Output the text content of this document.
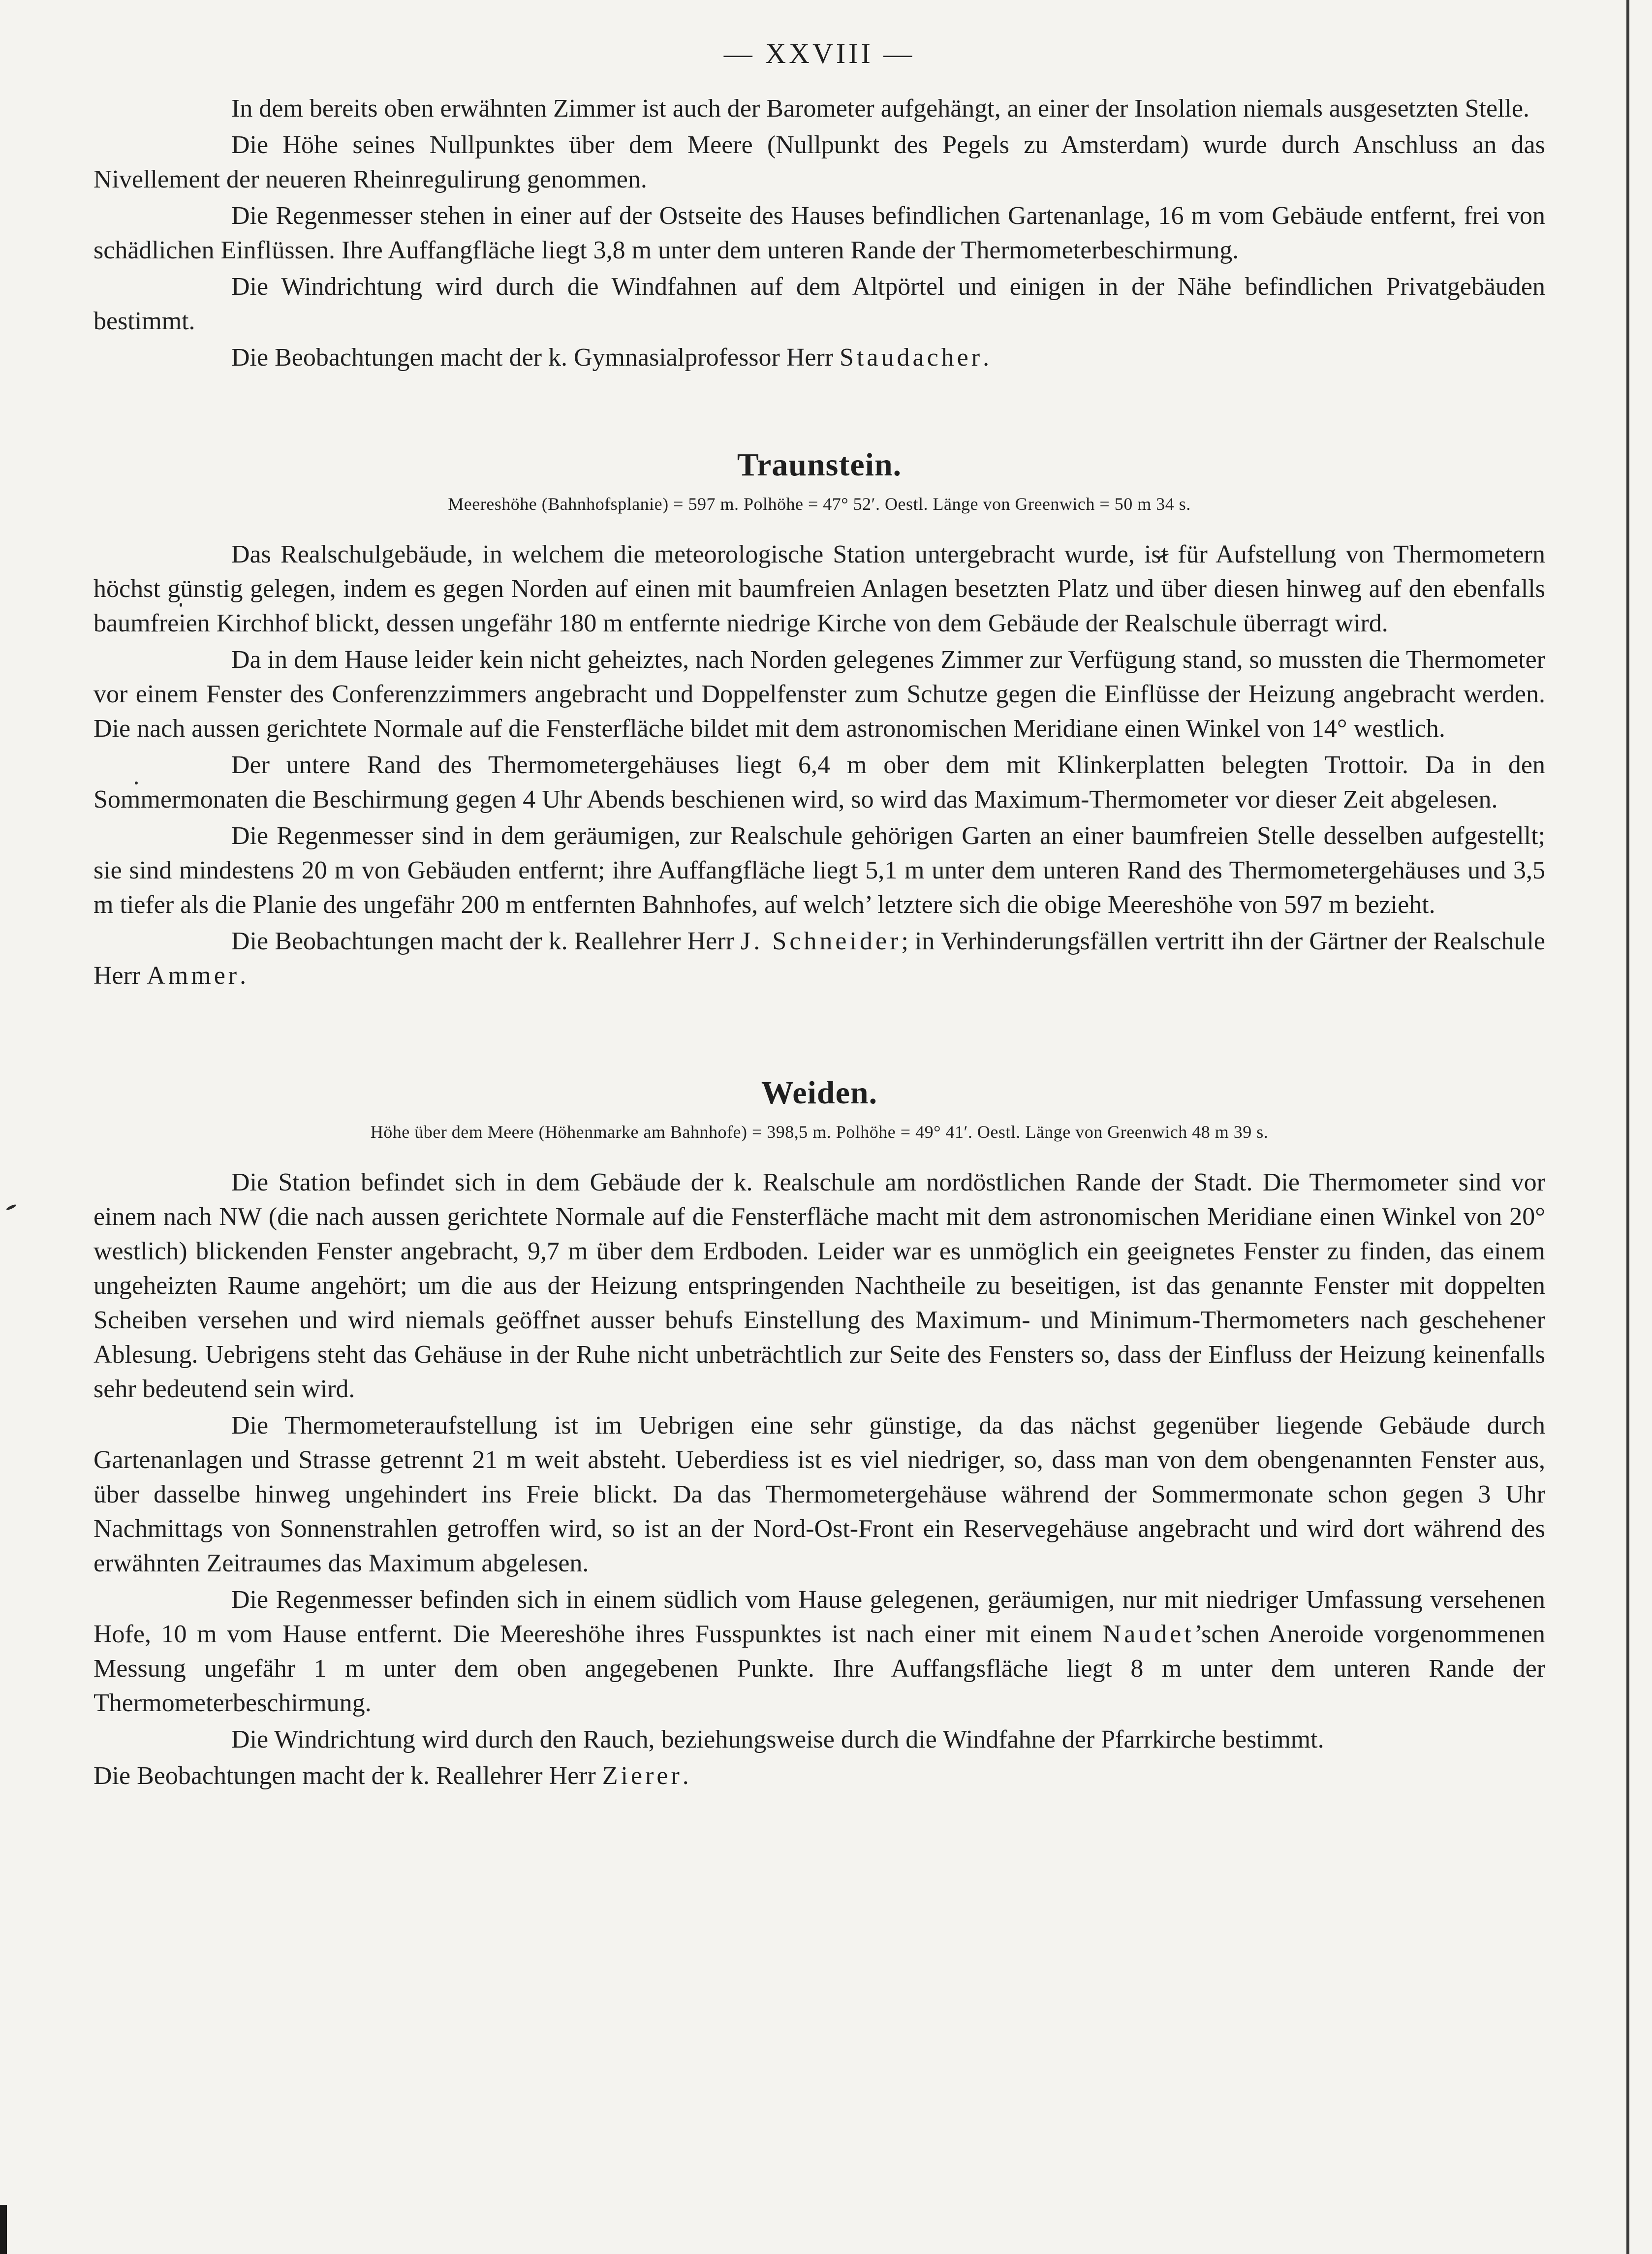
— XXVIII —

In dem bereits oben erwähnten Zimmer ist auch der Barometer aufgehängt, an einer der Insolation niemals ausgesetzten Stelle.

Die Höhe seines Nullpunktes über dem Meere (Nullpunkt des Pegels zu Amsterdam) wurde durch Anschluss an das Nivellement der neueren Rheinregulirung genommen.

Die Regenmesser stehen in einer auf der Ostseite des Hauses befindlichen Gartenanlage, 16 m vom Gebäude entfernt, frei von schädlichen Einflüssen. Ihre Auffangfläche liegt 3,8 m unter dem unteren Rande der Thermometerbeschirmung.

Die Windrichtung wird durch die Windfahnen auf dem Altpörtel und einigen in der Nähe befindlichen Privatgebäuden bestimmt.

Die Beobachtungen macht der k. Gymnasialprofessor Herr Staudacher.

Traunstein.
Meereshöhe (Bahnhofsplanie) = 597 m. Polhöhe = 47° 52′. Oestl. Länge von Greenwich = 50 m 34 s.

Das Realschulgebäude, in welchem die meteorologische Station untergebracht wurde, ist für Aufstellung von Thermometern höchst günstig gelegen, indem es gegen Norden auf einen mit baumfreien Anlagen besetzten Platz und über diesen hinweg auf den ebenfalls baumfreien Kirchhof blickt, dessen ungefähr 180 m entfernte niedrige Kirche von dem Gebäude der Realschule überragt wird.

Da in dem Hause leider kein nicht geheiztes, nach Norden gelegenes Zimmer zur Verfügung stand, so mussten die Thermometer vor einem Fenster des Conferenzzimmers angebracht und Doppelfenster zum Schutze gegen die Einflüsse der Heizung angebracht werden. Die nach aussen gerichtete Normale auf die Fensterfläche bildet mit dem astronomischen Meridiane einen Winkel von 14° westlich.

Der untere Rand des Thermometergehäuses liegt 6,4 m ober dem mit Klinkerplatten belegten Trottoir. Da in den Sommermonaten die Beschirmung gegen 4 Uhr Abends beschienen wird, so wird das Maximum-Thermometer vor dieser Zeit abgelesen.

Die Regenmesser sind in dem geräumigen, zur Realschule gehörigen Garten an einer baumfreien Stelle desselben aufgestellt; sie sind mindestens 20 m von Gebäuden entfernt; ihre Auffangfläche liegt 5,1 m unter dem unteren Rand des Thermometergehäuses und 3,5 m tiefer als die Planie des ungefähr 200 m entfernten Bahnhofes, auf welch’ letztere sich die obige Meereshöhe von 597 m bezieht.

Die Beobachtungen macht der k. Reallehrer Herr J. Schneider; in Verhinderungsfällen vertritt ihn der Gärtner der Realschule Herr Ammer.

Weiden.
Höhe über dem Meere (Höhenmarke am Bahnhofe) = 398,5 m. Polhöhe = 49° 41′. Oestl. Länge von Greenwich 48 m 39 s.

Die Station befindet sich in dem Gebäude der k. Realschule am nordöstlichen Rande der Stadt. Die Thermometer sind vor einem nach NW (die nach aussen gerichtete Normale auf die Fensterfläche macht mit dem astronomischen Meridiane einen Winkel von 20° westlich) blickenden Fenster angebracht, 9,7 m über dem Erdboden. Leider war es unmöglich ein geeignetes Fenster zu finden, das einem ungeheizten Raume angehört; um die aus der Heizung entspringenden Nachtheile zu beseitigen, ist das genannte Fenster mit doppelten Scheiben versehen und wird niemals geöffnet ausser behufs Einstellung des Maximum- und Minimum-Thermometers nach geschehener Ablesung. Uebrigens steht das Gehäuse in der Ruhe nicht unbeträchtlich zur Seite des Fensters so, dass der Einfluss der Heizung keinenfalls sehr bedeutend sein wird.

Die Thermometeraufstellung ist im Uebrigen eine sehr günstige, da das nächst gegenüber liegende Gebäude durch Gartenanlagen und Strasse getrennt 21 m weit absteht. Ueberdiess ist es viel niedriger, so, dass man von dem obengenannten Fenster aus, über dasselbe hinweg ungehindert ins Freie blickt. Da das Thermometergehäuse während der Sommermonate schon gegen 3 Uhr Nachmittags von Sonnenstrahlen getroffen wird, so ist an der Nord-Ost-Front ein Reservegehäuse angebracht und wird dort während des erwähnten Zeitraumes das Maximum abgelesen.

Die Regenmesser befinden sich in einem südlich vom Hause gelegenen, geräumigen, nur mit niedriger Umfassung versehenen Hofe, 10 m vom Hause entfernt. Die Meereshöhe ihres Fusspunktes ist nach einer mit einem Naudet’schen Aneroide vorgenommenen Messung ungefähr 1 m unter dem oben angegebenen Punkte. Ihre Auffangsfläche liegt 8 m unter dem unteren Rande der Thermometerbeschirmung.

Die Windrichtung wird durch den Rauch, beziehungsweise durch die Windfahne der Pfarrkirche bestimmt.

Die Beobachtungen macht der k. Reallehrer Herr Zierer.
